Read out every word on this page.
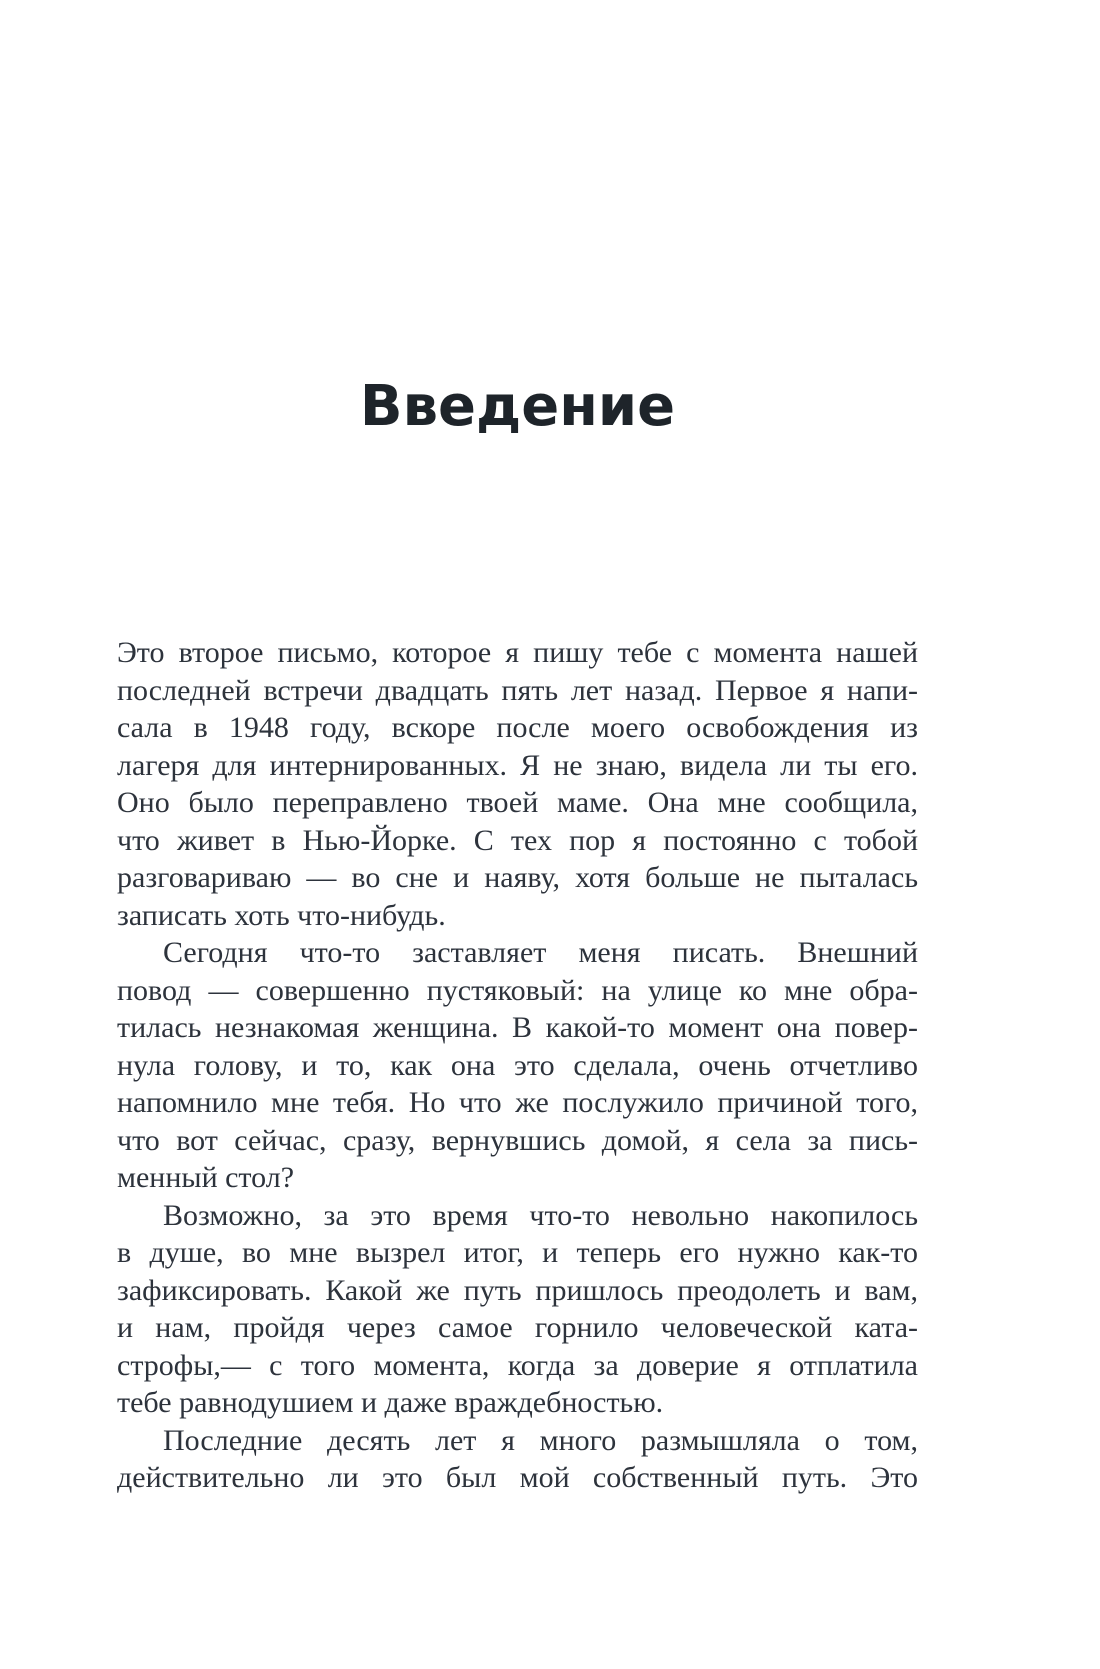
Введение
Это второе письмо, которое я пишу тебе с момента нашей
последней встречи двадцать пять лет назад. Первое я напи-
сала в 1948 году, вскоре после моего освобождения из
лагеря для интернированных. Я не знаю, видела ли ты его.
Оно было переправлено твоей маме. Она мне сообщила,
что живет в Нью-Йорке. С тех пор я постоянно с тобой
разговариваю — во сне и наяву, хотя больше не пыталась
записать хоть что-нибудь.
Сегодня что-то заставляет меня писать. Внешний
повод — совершенно пустяковый: на улице ко мне обра-
тилась незнакомая женщина. В какой-то момент она повер-
нула голову, и то, как она это сделала, очень отчетливо
напомнило мне тебя. Но что же послужило причиной того,
что вот сейчас, сразу, вернувшись домой, я села за пись-
менный стол?
Возможно, за это время что-то невольно накопилось
в душе, во мне вызрел итог, и теперь его нужно как-то
зафиксировать. Какой же путь пришлось преодолеть и вам,
и нам, пройдя через самое горнило человеческой ката-
строфы,— с того момента, когда за доверие я отплатила
тебе равнодушием и даже враждебностью.
Последние десять лет я много размышляла о том,
действительно ли это был мой собственный путь. Это
